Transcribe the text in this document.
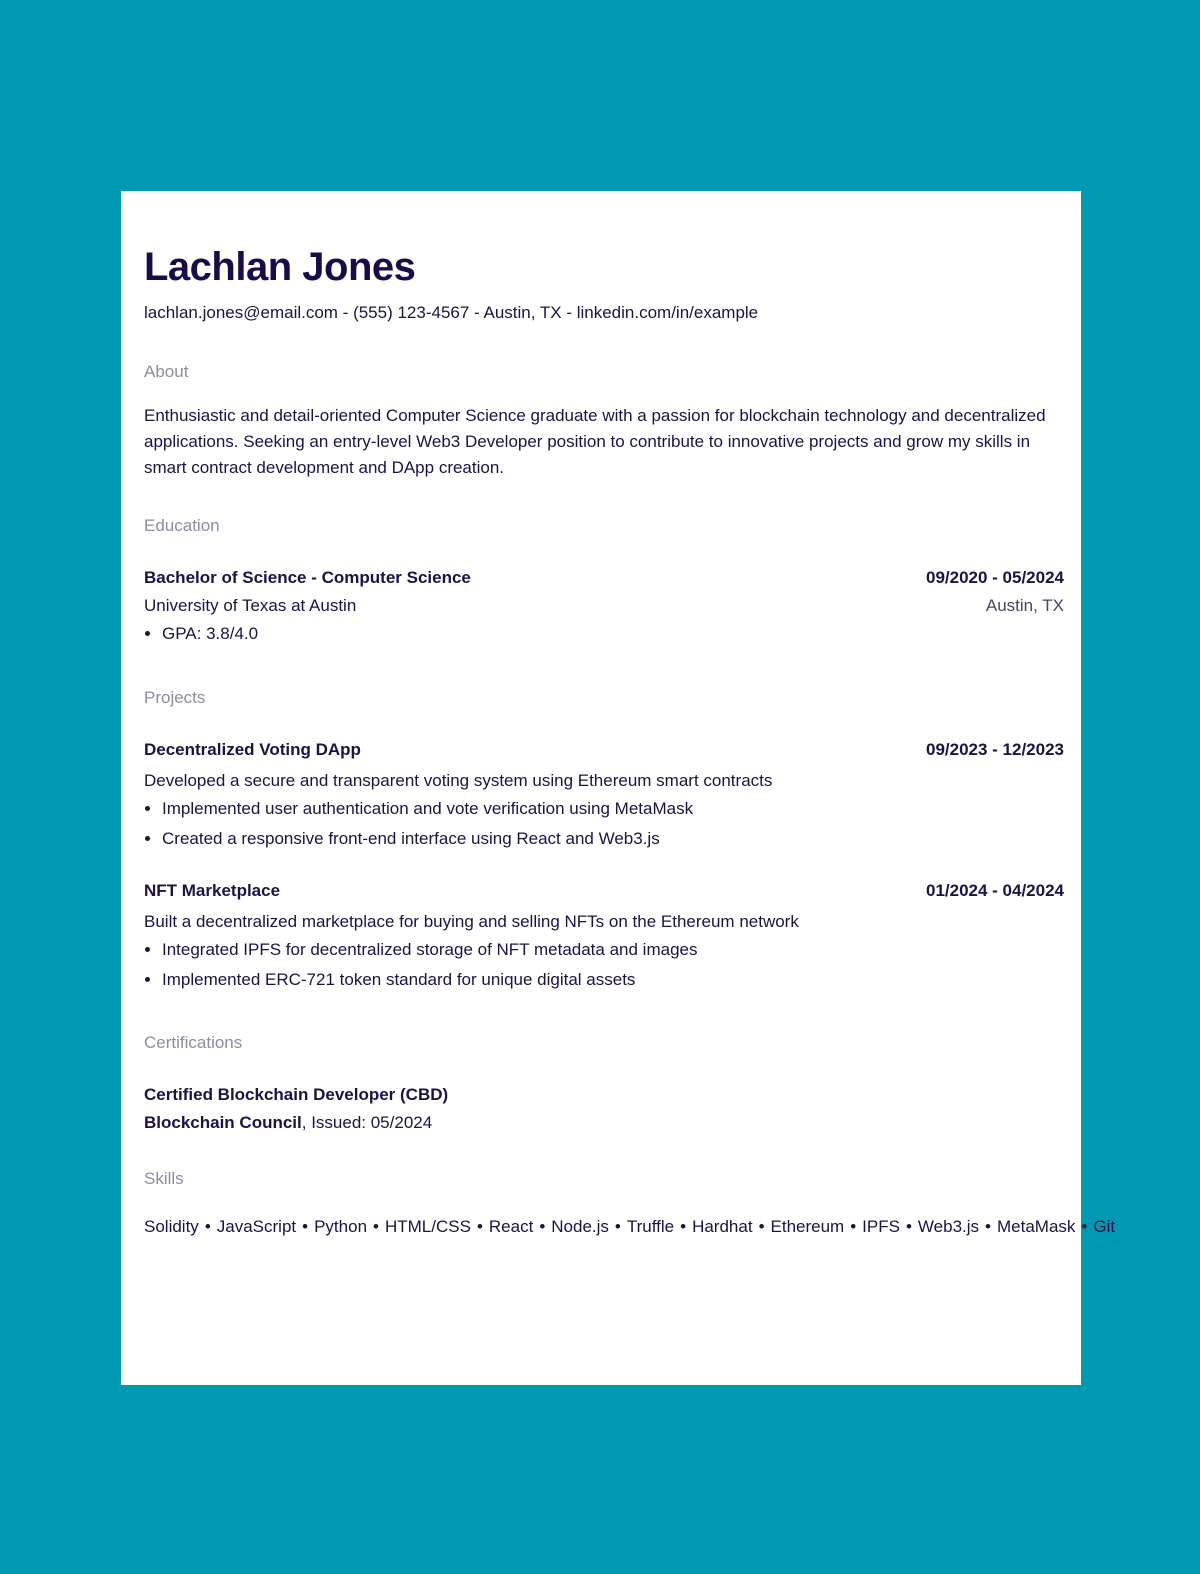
Lachlan Jones
lachlan.jones@email.com - (555) 123-4567 - Austin, TX - linkedin.com/in/example
About
Enthusiastic and detail-oriented Computer Science graduate with a passion for blockchain technology and decentralized applications. Seeking an entry-level Web3 Developer position to contribute to innovative projects and grow my skills in smart contract development and DApp creation.
Education
Bachelor of Science - Computer Science	09/2020 - 05/2024
University of Texas at Austin	Austin, TX
• GPA: 3.8/4.0
Projects
Decentralized Voting DApp	09/2023 - 12/2023
Developed a secure and transparent voting system using Ethereum smart contracts
• Implemented user authentication and vote verification using MetaMask
• Created a responsive front-end interface using React and Web3.js
NFT Marketplace	01/2024 - 04/2024
Built a decentralized marketplace for buying and selling NFTs on the Ethereum network
• Integrated IPFS for decentralized storage of NFT metadata and images
• Implemented ERC-721 token standard for unique digital assets
Certifications
Certified Blockchain Developer (CBD)
Blockchain Council, Issued: 05/2024
Skills
Solidity • JavaScript • Python • HTML/CSS • React • Node.js • Truffle • Hardhat • Ethereum • IPFS • Web3.js • MetaMask • Git
